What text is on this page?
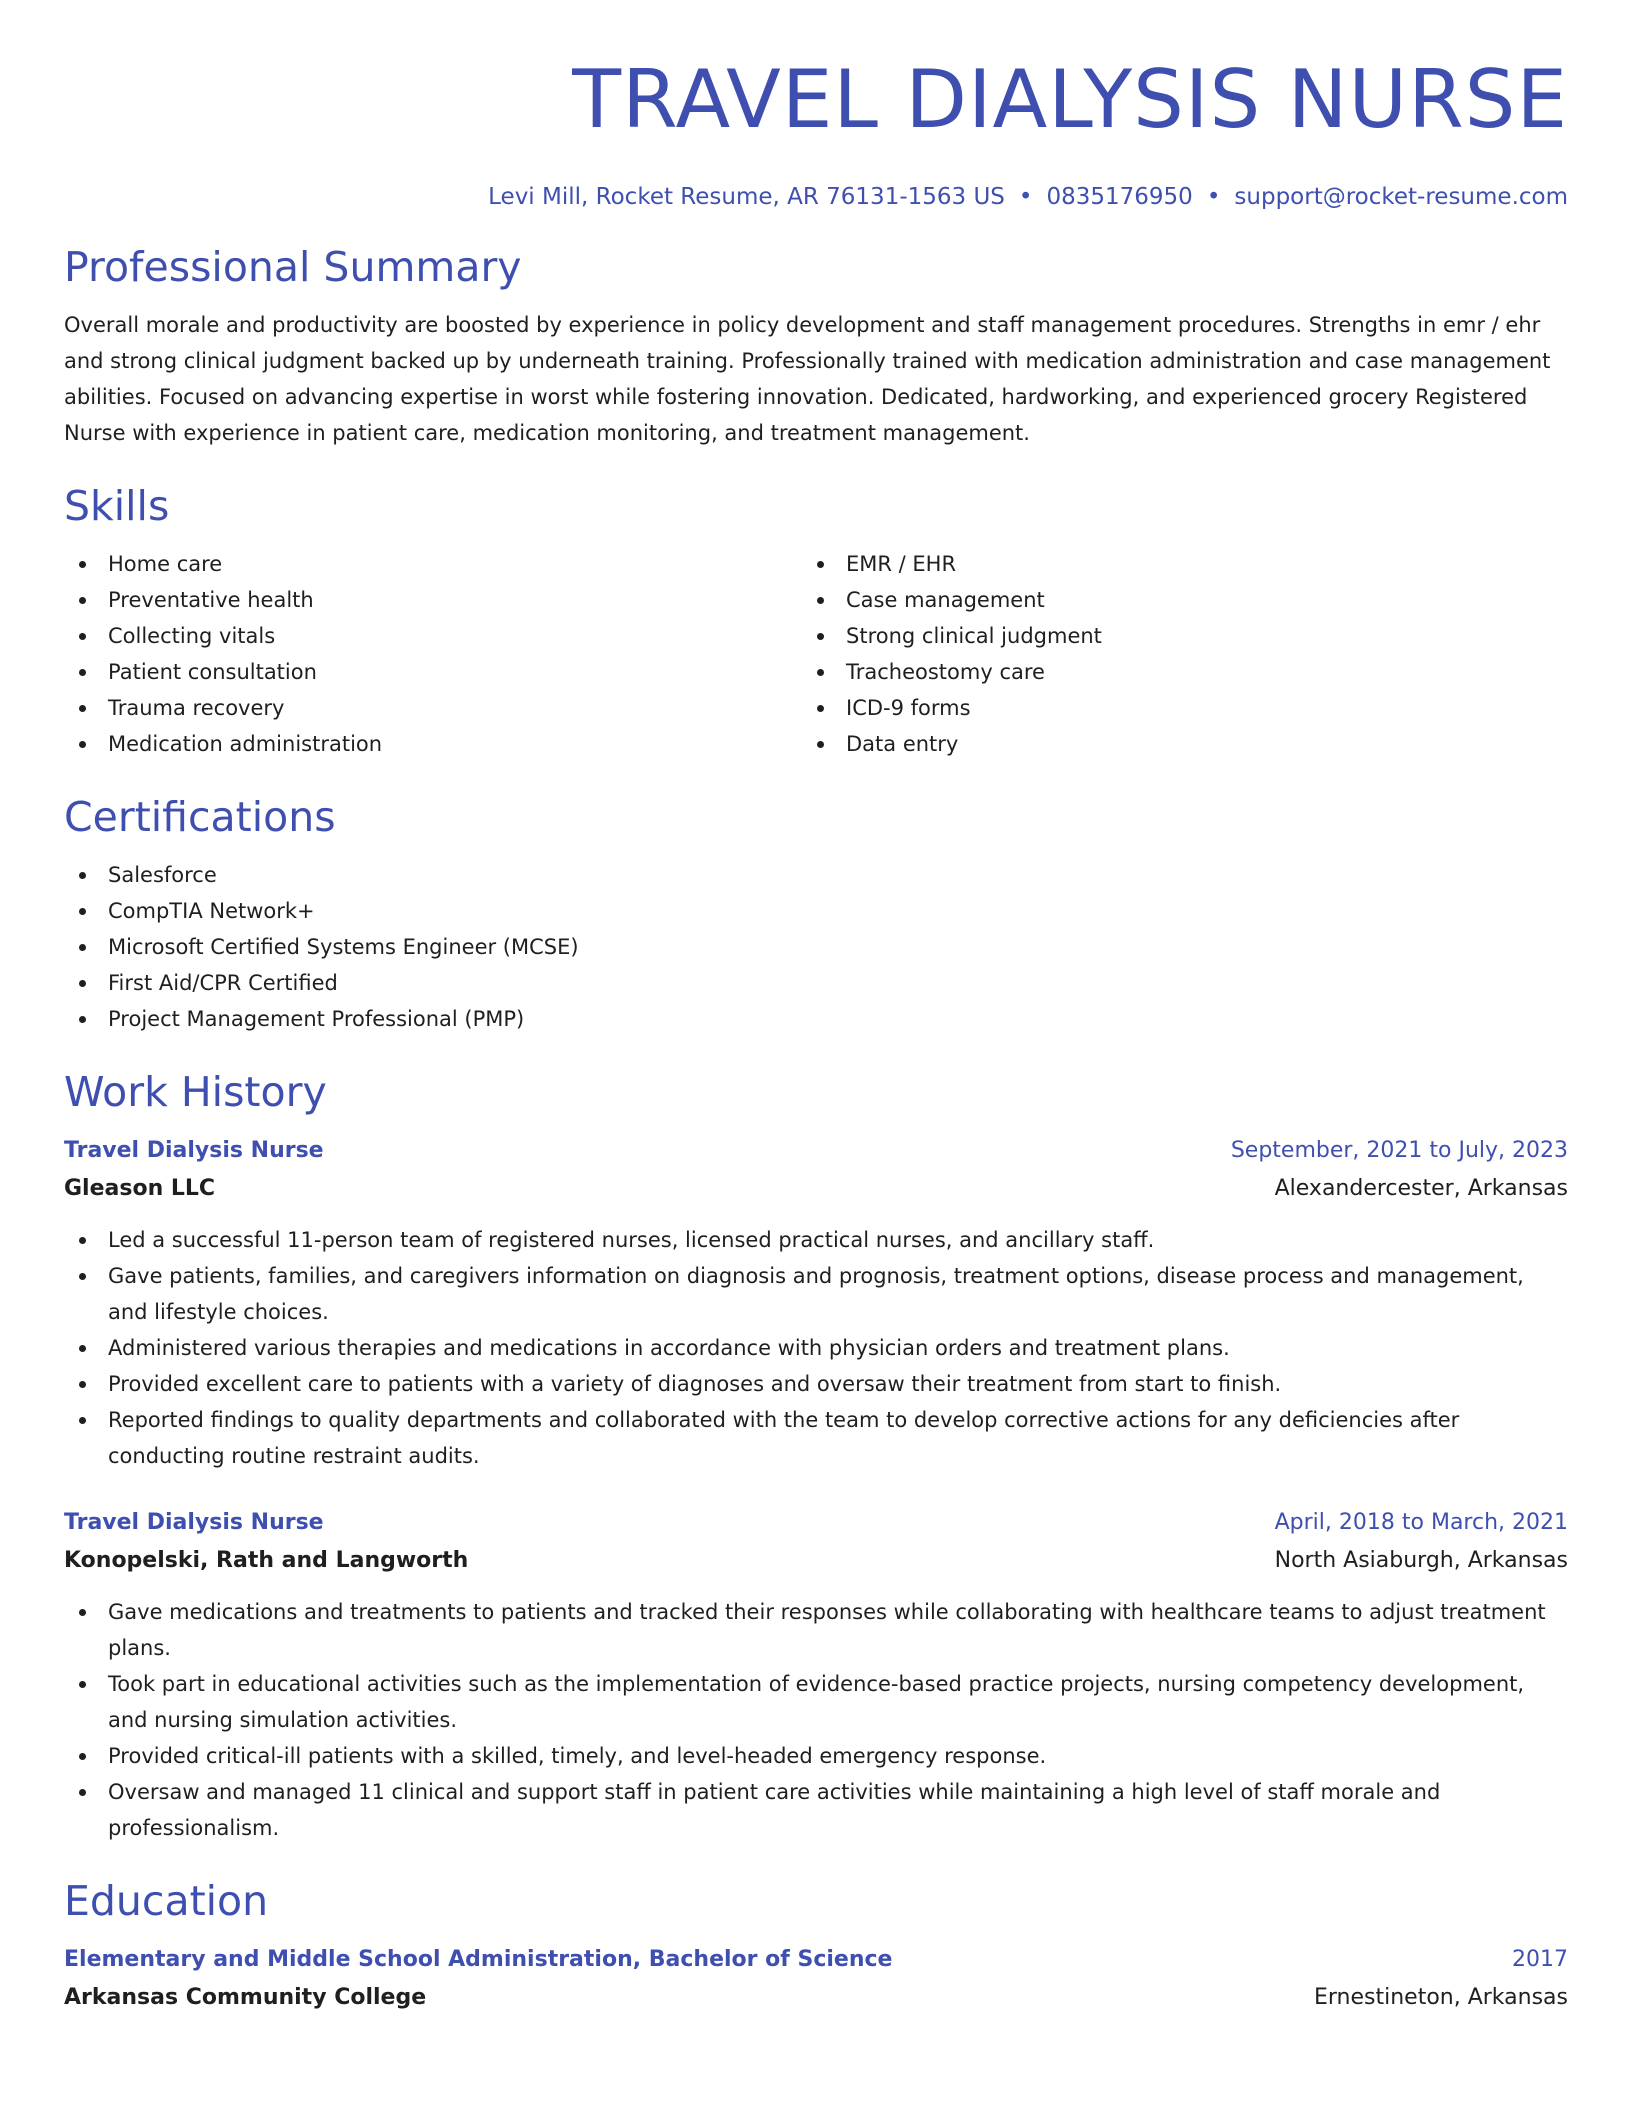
TRAVEL DIALYSIS NURSE
Levi Mill, Rocket Resume, AR 76131-1563 US • 0835176950 • support@rocket-resume.com
Professional Summary

Overall morale and productivity are boosted by experience in policy development and staff management procedures. Strengths in emr / ehr and strong clinical judgment backed up by underneath training. Professionally trained with medication administration and case management abilities. Focused on advancing expertise in worst while fostering innovation. Dedicated, hardworking, and experienced grocery Registered Nurse with experience in patient care, medication monitoring, and treatment management.

Skills
Home care
Preventative health
Collecting vitals
Patient consultation
Trauma recovery
Medication administration
EMR / EHR
Case management
Strong clinical judgment
Tracheostomy care
ICD-9 forms
Data entry
Certifications
Salesforce
CompTIA Network+
Microsoft Certified Systems Engineer (MCSE)
First Aid/CPR Certified
Project Management Professional (PMP)
Work History
Travel Dialysis Nurse	September, 2021 to July, 2023
Gleason LLC	Alexandercester, Arkansas
Led a successful 11-person team of registered nurses, licensed practical nurses, and ancillary staff.
Gave patients, families, and caregivers information on diagnosis and prognosis, treatment options, disease process and management, and lifestyle choices.
Administered various therapies and medications in accordance with physician orders and treatment plans.
Provided excellent care to patients with a variety of diagnoses and oversaw their treatment from start to finish.
Reported findings to quality departments and collaborated with the team to develop corrective actions for any deficiencies after conducting routine restraint audits.
Travel Dialysis Nurse	April, 2018 to March, 2021
Konopelski, Rath and Langworth	North Asiaburgh, Arkansas
Gave medications and treatments to patients and tracked their responses while collaborating with healthcare teams to adjust treatment plans.
Took part in educational activities such as the implementation of evidence-based practice projects, nursing competency development, and nursing simulation activities.
Provided critical-ill patients with a skilled, timely, and level-headed emergency response.
Oversaw and managed 11 clinical and support staff in patient care activities while maintaining a high level of staff morale and professionalism.
Education
Elementary and Middle School Administration, Bachelor of Science	2017
Arkansas Community College	Ernestineton, Arkansas
